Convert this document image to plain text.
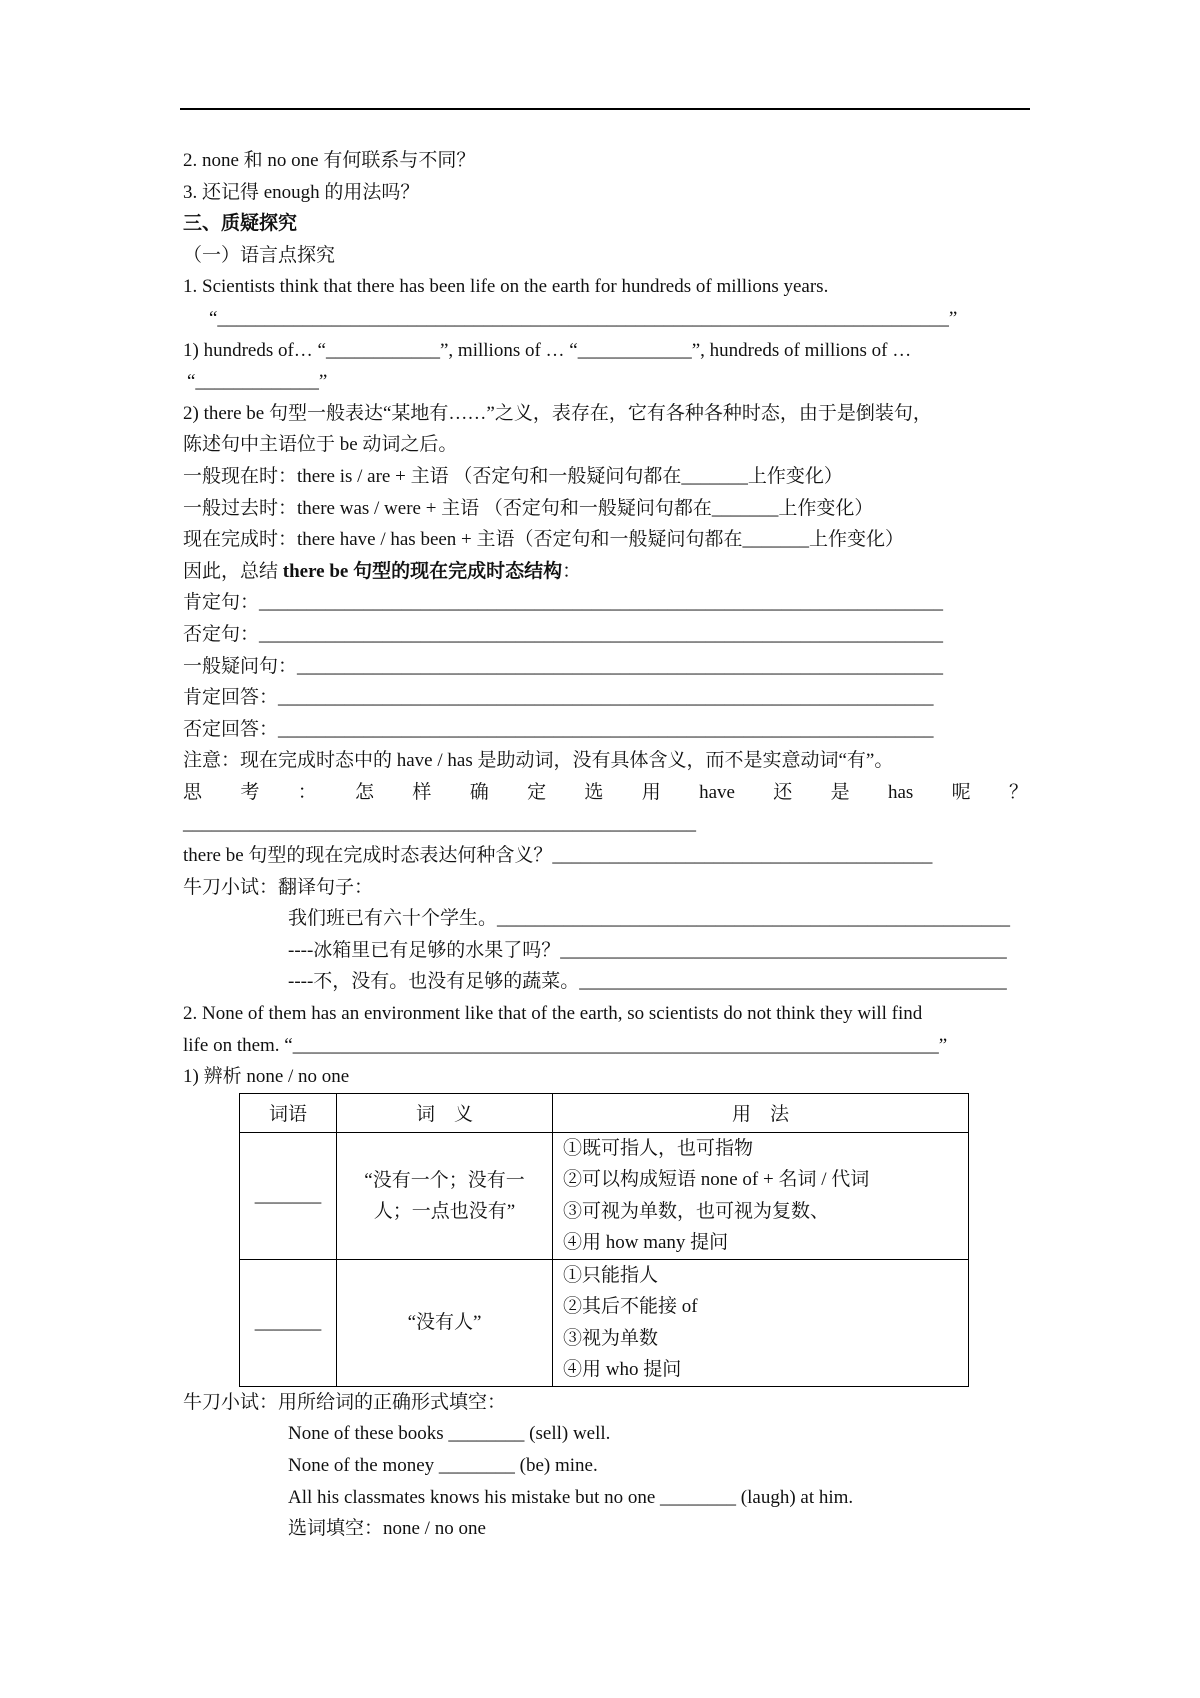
2. none 和 no one 有何联系与不同？
3. 还记得 enough 的用法吗？
三、质疑探究
（一）语言点探究
1. Scientists think that there has been life on the earth for hundreds of millions years.
“_____________________________________________________________________________”
1) hundreds of… “____________”, millions of … “____________”, hundreds of millions of …
“_____________”
2) there be 句型一般表达“某地有……”之义，表存在，它有各种各种时态，由于是倒装句，
陈述句中主语位于 be 动词之后。
一般现在时：there is / are + 主语 （否定句和一般疑问句都在_______上作变化）
一般过去时：there was / were + 主语 （否定句和一般疑问句都在_______上作变化）
现在完成时：there have / has been + 主语（否定句和一般疑问句都在_______上作变化）
因此，总结 there be 句型的现在完成时态结构：
肯定句：________________________________________________________________________
否定句：________________________________________________________________________
一般疑问句：____________________________________________________________________
肯定回答：_____________________________________________________________________
否定回答：_____________________________________________________________________
注意：现在完成时态中的 have / has 是助动词，没有具体含义，而不是实意动词“有”。
思 考 ： 怎 样 确 定 选 用 have 还 是 has 呢 ？
______________________________________________________
there be 句型的现在完成时态表达何种含义？________________________________________
牛刀小试：翻译句子：
我们班已有六十个学生。______________________________________________________
----冰箱里已有足够的水果了吗？_______________________________________________
----不，没有。也没有足够的蔬菜。_____________________________________________
2. None of them has an environment like that of the earth, so scientists do not think they will find
life on them. “____________________________________________________________________”
1) 辨析 none / no one
词语	词　义	用　法
_______	“没有一个；没有一人；一点也没有”	①既可指人，也可指物
②可以构成短语 none of + 名词 / 代词
③可视为单数，也可视为复数、
④用 how many 提问

_______	“没有人”	①只能指人
②其后不能接 of
③视为单数
④用 who 提问
牛刀小试：用所给词的正确形式填空：
None of these books ________ (sell) well.
None of the money ________ (be) mine.
All his classmates knows his mistake but no one ________ (laugh) at him.
选词填空：none / no one
